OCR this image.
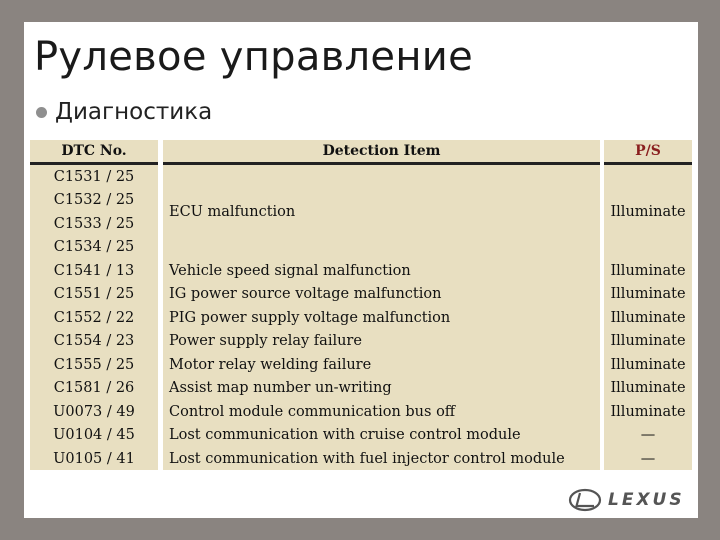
Рулевое управление
Диагностика
DTC No.
C1531 / 25
C1532 / 25
C1533 / 25
C1534 / 25
C1541 / 13
C1551 / 25
C1552 / 22
C1554 / 23
C1555 / 25
C1581 / 26
U0073 / 49
U0104 / 45
U0105 / 41
Detection Item
ECU malfunction
Vehicle speed signal malfunction
IG power source voltage malfunction
PIG power supply voltage malfunction
Power supply relay failure
Motor relay welding failure
Assist map number un-writing
Control module communication bus off
Lost communication with cruise control module
Lost communication with fuel injector control module
P/S
Illuminate
Illuminate
Illuminate
Illuminate
Illuminate
Illuminate
Illuminate
Illuminate
—
—
LEXUS
